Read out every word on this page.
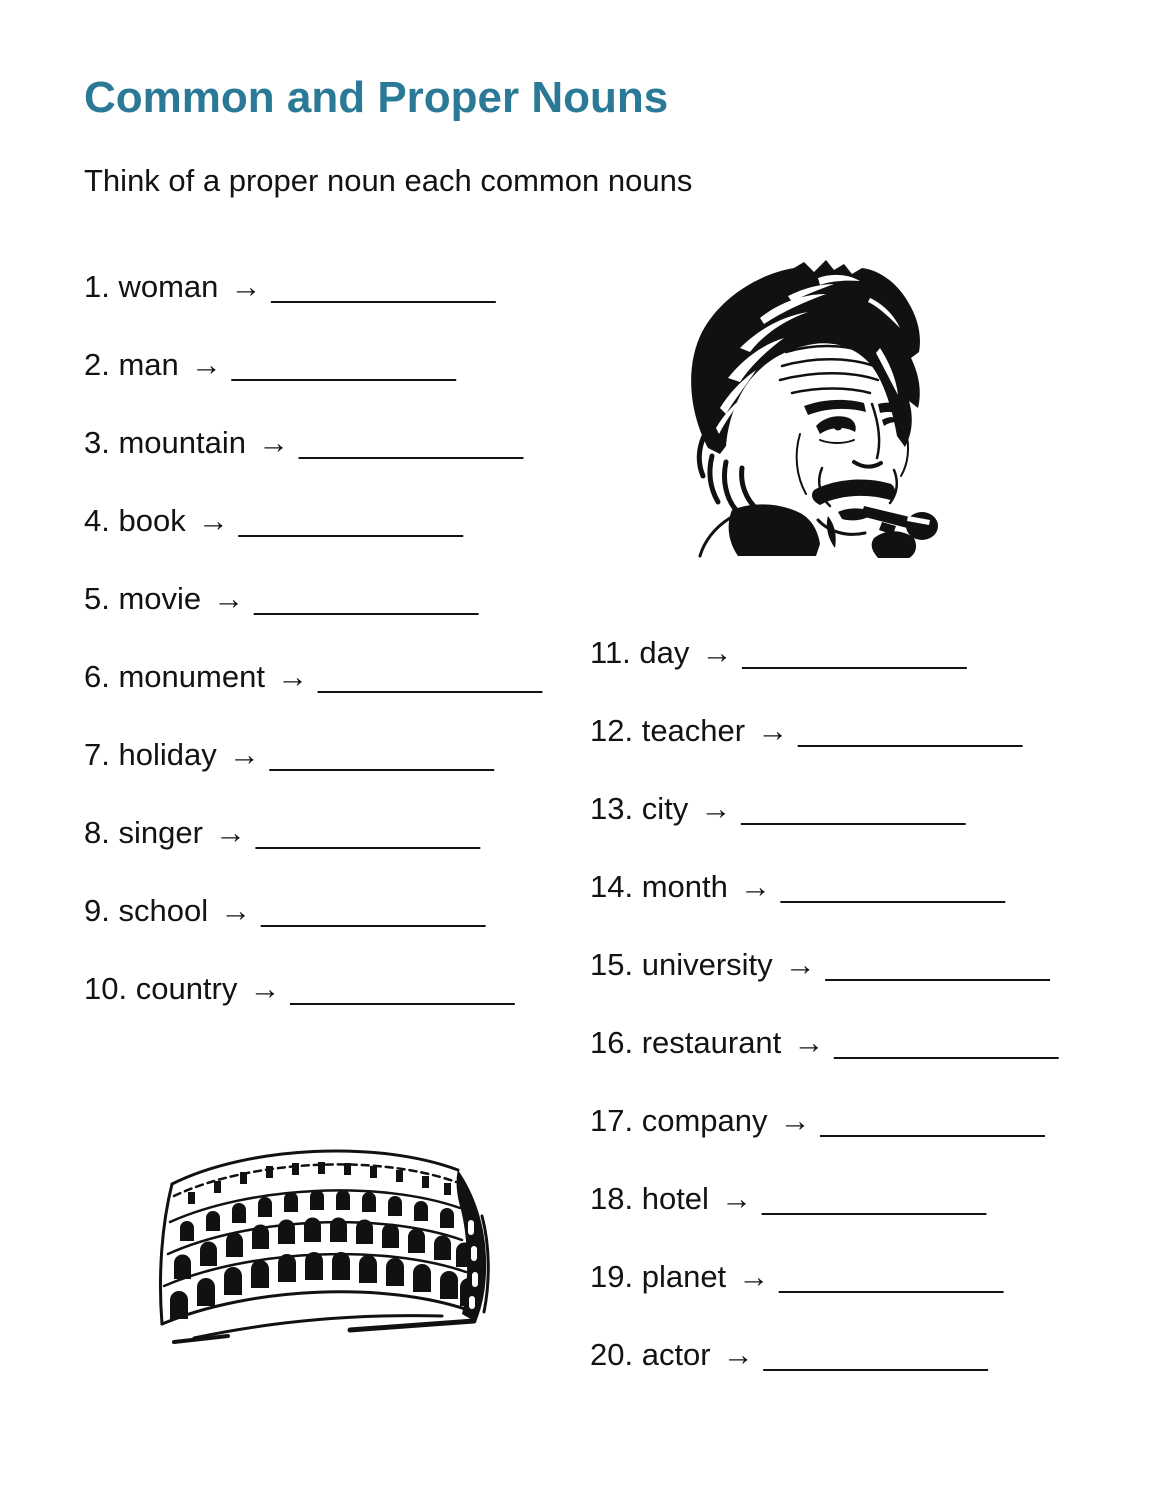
Common and Proper Nouns

Think of a proper noun each common nouns

1. woman → _____________
2. man → _____________
3. mountain → _____________
4. book → _____________
5. movie → _____________
6. monument → _____________
7. holiday → _____________
8. singer → _____________
9. school → _____________
10. country → _____________
11. day → _____________
12. teacher → _____________
13. city → _____________
14. month → _____________
15. university → _____________
16. restaurant → _____________
17. company → _____________
18. hotel → _____________
19. planet → _____________
20. actor → _____________
